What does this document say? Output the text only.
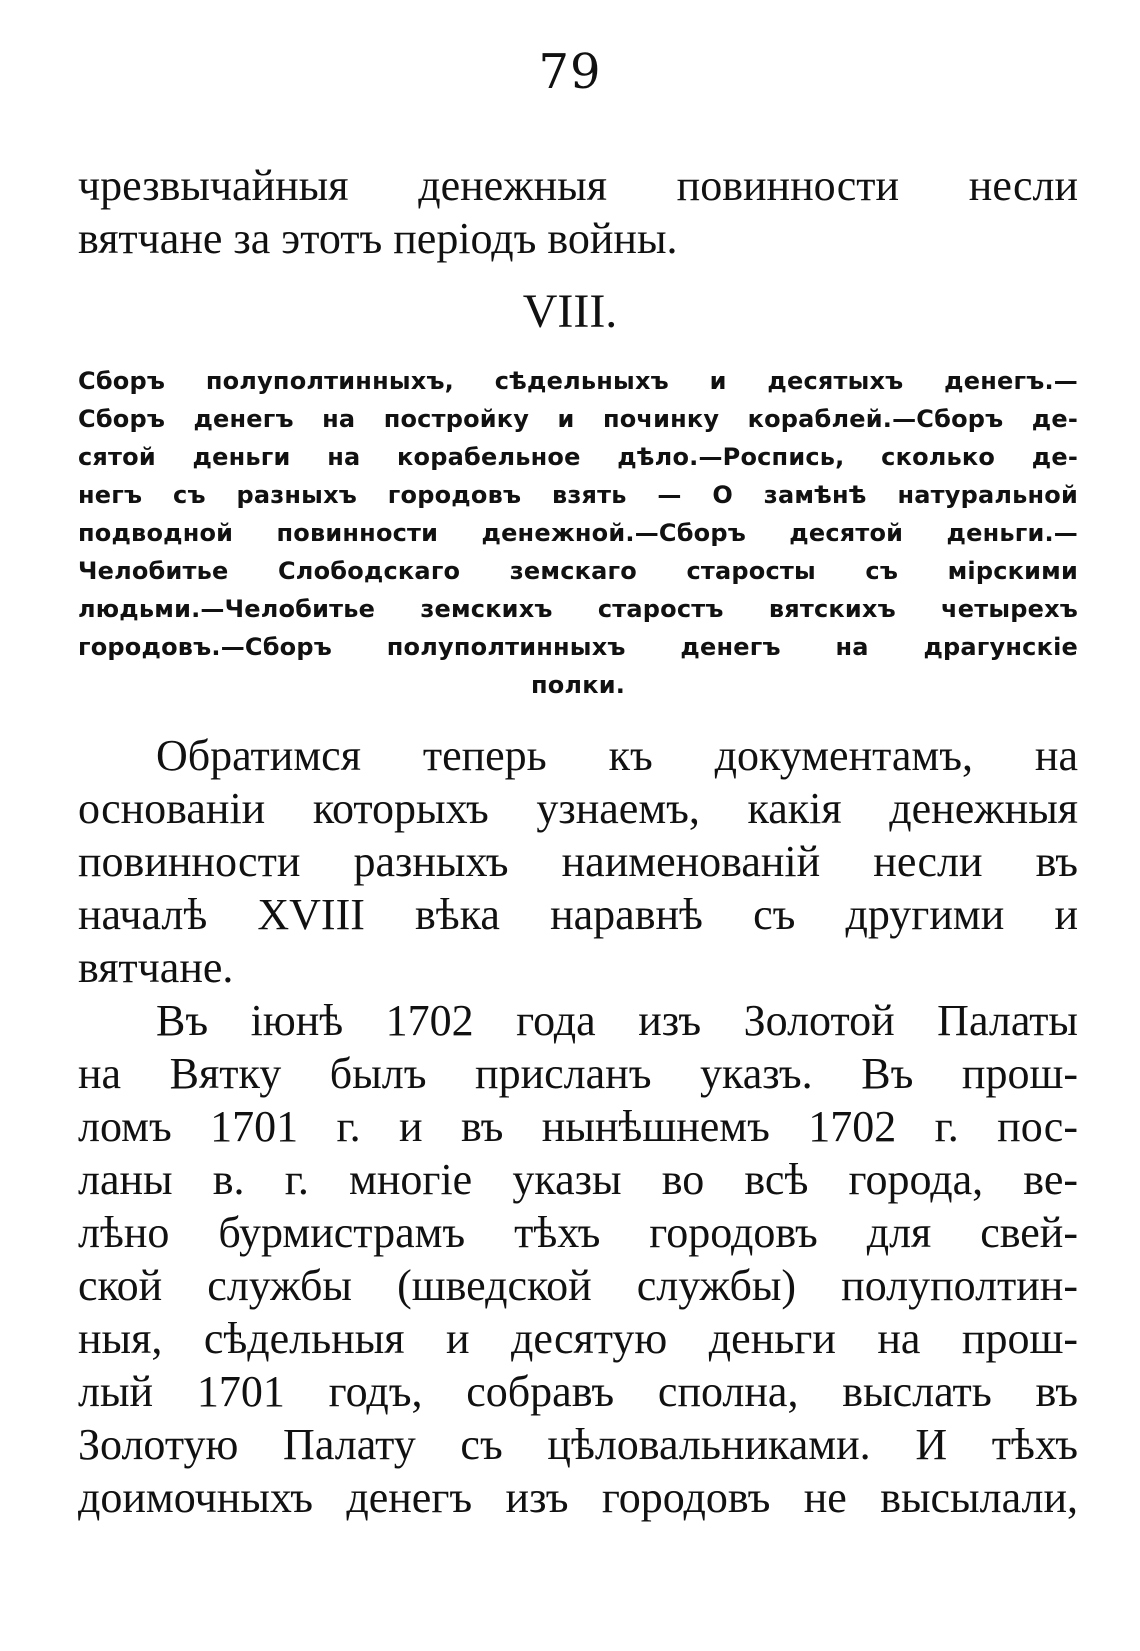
79

чрезвычайныя денежныя повинности несли

вятчане за этотъ періодъ войны.

VIII.

Сборъ полуполтинныхъ, сѣдельныхъ и десятыхъ денегъ.—

Сборъ денегъ на постройку и починку кораблей.—Сборъ де-

сятой деньги на корабельное дѣло.—Роспись, сколько де-

негъ съ разныхъ городовъ взять — О замѣнѣ натуральной

подводной повинности денежной.—Сборъ десятой деньги.—

Челобитье Слободскаго земскаго старосты съ мірскими

людьми.—Челобитье земскихъ старостъ вятскихъ четырехъ

городовъ.—Сборъ полуполтинныхъ денегъ на драгунскіе

полки.

Обратимся теперь къ документамъ, на

основаніи которыхъ узнаемъ, какія денежныя

повинности разныхъ наименованій несли въ

началѣ XVIII вѣка наравнѣ съ другими и

вятчане.

Въ іюнѣ 1702 года изъ Золотой Палаты

на Вятку былъ присланъ указъ. Въ прош-

ломъ 1701 г. и въ нынѣшнемъ 1702 г. пос-

ланы в. г. многіе указы во всѣ города, ве-

лѣно бурмистрамъ тѣхъ городовъ для свей-

ской службы (шведской службы) полуполтин-

ныя, сѣдельныя и десятую деньги на прош-

лый 1701 годъ, собравъ сполна, выслать въ

Золотую Палату съ цѣловальниками. И тѣхъ

доимочныхъ денегъ изъ городовъ не высылали,
